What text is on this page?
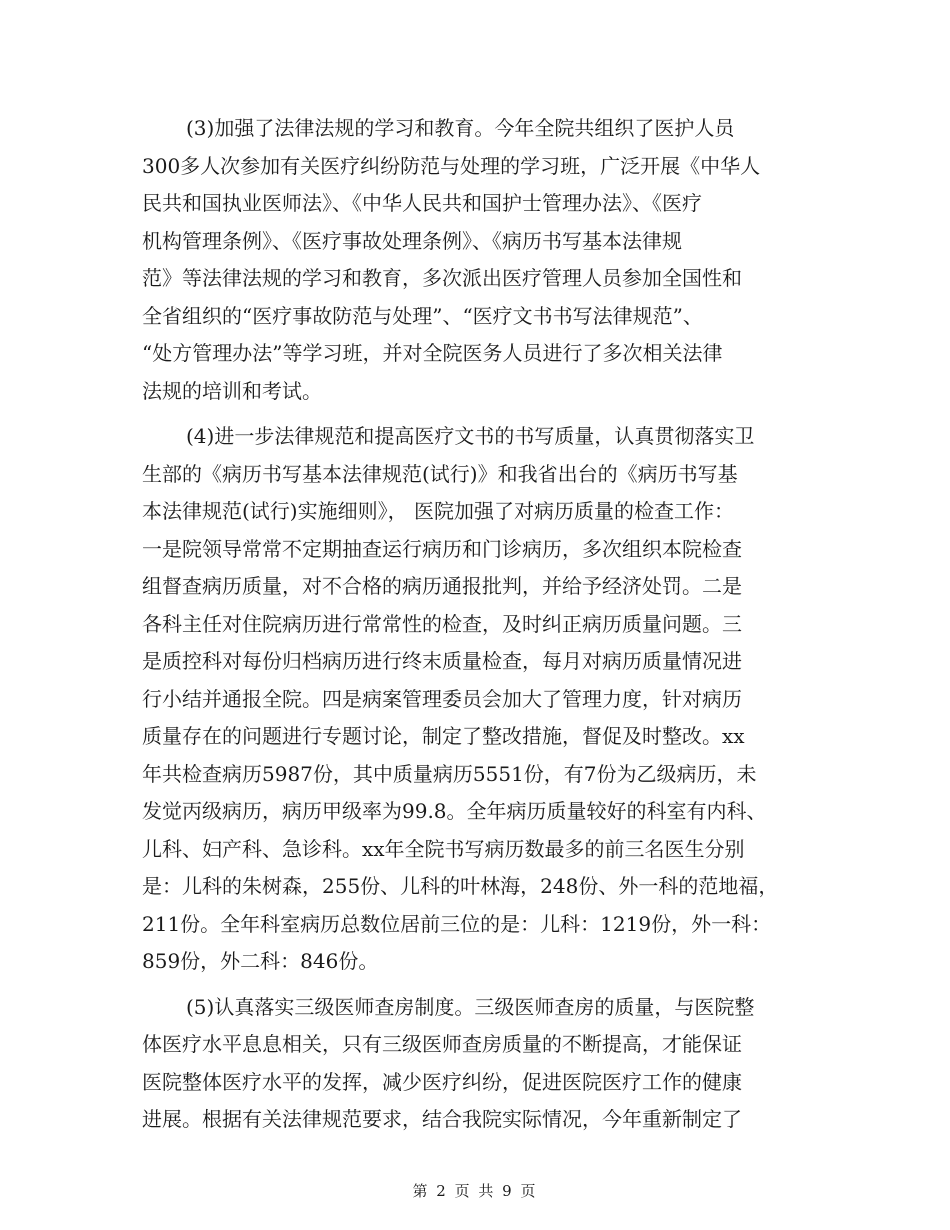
(3)加强了法律法规的学习和教育。今年全院共组织了医护人员
300多人次参加有关医疗纠纷防范与处理的学习班，广泛开展《中华人
民共和国执业医师法》、《中华人民共和国护士管理办法》、《医疗
机构管理条例》、《医疗事故处理条例》、《病历书写基本法律规
范》等法律法规的学习和教育，多次派出医疗管理人员参加全国性和
全省组织的“医疗事故防范与处理”、“医疗文书书写法律规范”、
“处方管理办法”等学习班，并对全院医务人员进行了多次相关法律
法规的培训和考试。
(4)进一步法律规范和提高医疗文书的书写质量，认真贯彻落实卫
生部的《病历书写基本法律规范(试行)》和我省出台的《病历书写基
本法律规范(试行)实施细则》， 医院加强了对病历质量的检查工作：
一是院领导常常不定期抽查运行病历和门诊病历，多次组织本院检查
组督查病历质量，对不合格的病历通报批判，并给予经济处罚。二是
各科主任对住院病历进行常常性的检查，及时纠正病历质量问题。三
是质控科对每份归档病历进行终末质量检查，每月对病历质量情况进
行小结并通报全院。四是病案管理委员会加大了管理力度，针对病历
质量存在的问题进行专题讨论，制定了整改措施，督促及时整改。xx
年共检查病历5987份，其中质量病历5551份，有7份为乙级病历，未
发觉丙级病历，病历甲级率为99.8。全年病历质量较好的科室有内科、
儿科、妇产科、急诊科。xx年全院书写病历数最多的前三名医生分别
是：儿科的朱树森，255份、儿科的叶林海，248份、外一科的范地福，
211份。全年科室病历总数位居前三位的是：儿科：1219份，外一科：
859份，外二科：846份。
(5)认真落实三级医师查房制度。三级医师查房的质量，与医院整
体医疗水平息息相关，只有三级医师查房质量的不断提高，才能保证
医院整体医疗水平的发挥，减少医疗纠纷，促进医院医疗工作的健康
进展。根据有关法律规范要求，结合我院实际情况，今年重新制定了
第 2 页 共 9 页
